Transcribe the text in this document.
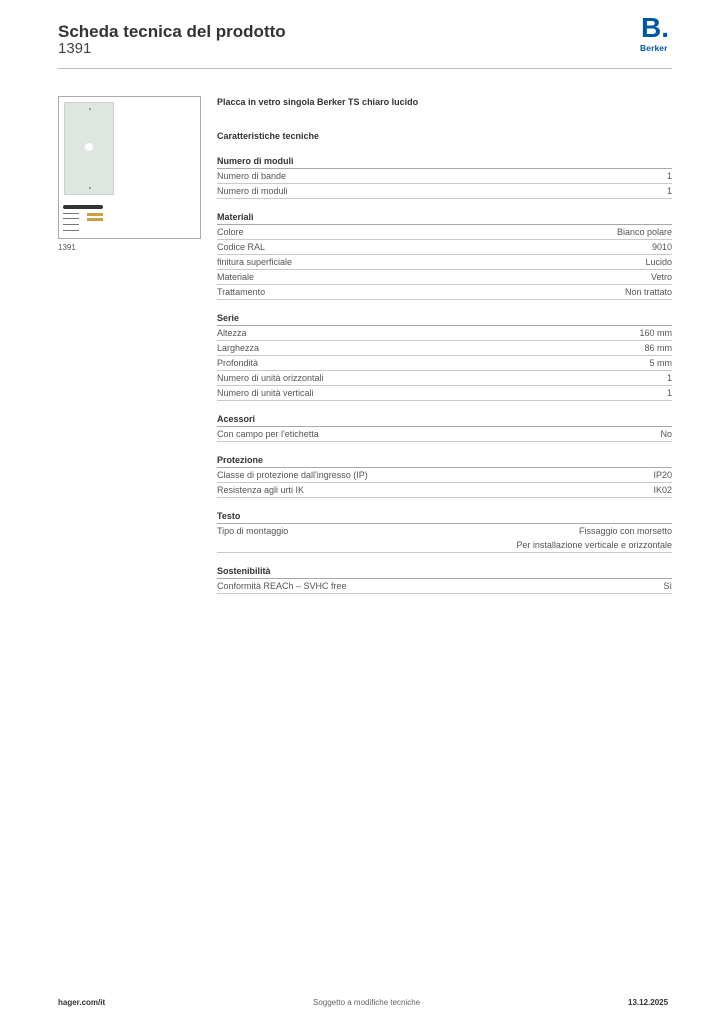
Scheda tecnica del prodotto
1391
B.
Berker
1391
Placca in vetro singola Berker TS chiaro lucido
Caratteristiche tecniche
Numero di moduli
Numero di bande	1
Numero di moduli	1
Materiali
Colore	Bianco polare
Codice RAL	9010
finitura superficiale	Lucido
Materiale	Vetro
Trattamento	Non trattato
Serie
Altezza	160 mm
Larghezza	86 mm
Profondità	5 mm
Numero di unità orizzontali	1
Numero di unità verticali	1
Acessori
Con campo per l'etichetta	No
Protezione
Classe di protezione dall'ingresso (IP)	IP20
Resistenza agli urti IK	IK02
Testo
Tipo di montaggio	Fissaggio con morsetto
Per installazione verticale e orizzontale
Sostenibilità
Conformità REACh – SVHC free	Sì
hager.com/it	Soggetto a modifiche tecniche	13.12.2025
